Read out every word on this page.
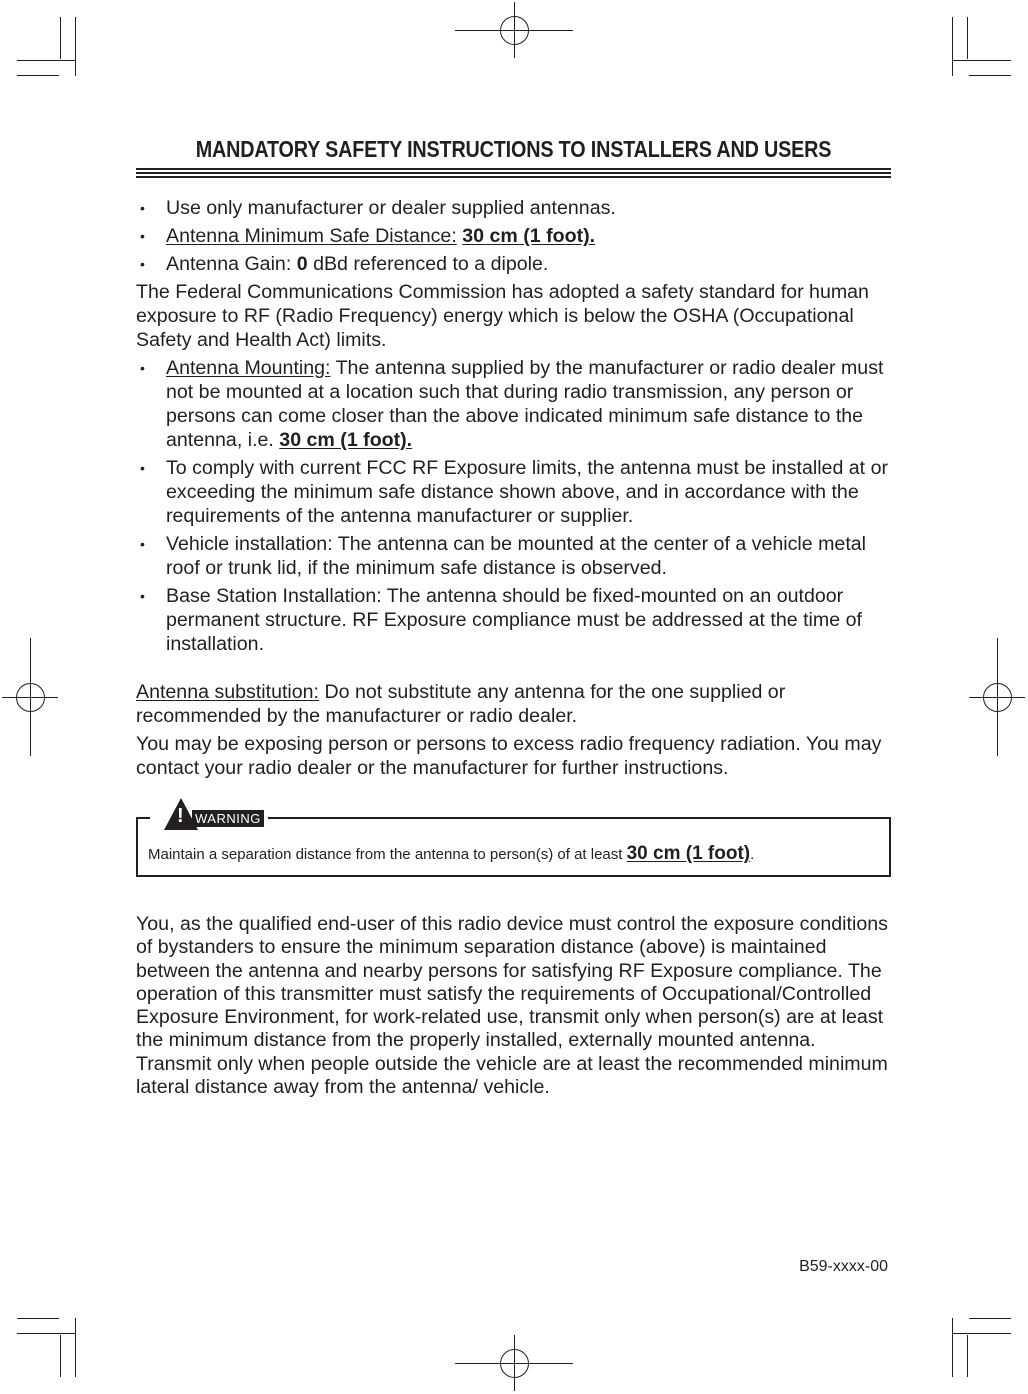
MANDATORY SAFETY INSTRUCTIONS TO INSTALLERS AND USERS
• Use only manufacturer or dealer supplied antennas.
• Antenna Minimum Safe Distance: 30 cm (1 foot).
• Antenna Gain: 0 dBd referenced to a dipole.

The Federal Communications Commission has adopted a safety standard for human exposure to RF (Radio Frequency) energy which is below the OSHA (Occupational Safety and Health Act) limits.

• Antenna Mounting: The antenna supplied by the manufacturer or radio dealer must not be mounted at a location such that during radio transmission, any person or persons can come closer than the above indicated minimum safe distance to the antenna, i.e. 30 cm (1 foot).
• To comply with current FCC RF Exposure limits, the antenna must be installed at or exceeding the minimum safe distance shown above, and in accordance with the requirements of the antenna manufacturer or supplier.
• Vehicle installation: The antenna can be mounted at the center of a vehicle metal roof or trunk lid, if the minimum safe distance is observed.
• Base Station Installation: The antenna should be fixed-mounted on an outdoor permanent structure. RF Exposure compliance must be addressed at the time of installation.

Antenna substitution: Do not substitute any antenna for the one supplied or recommended by the manufacturer or radio dealer.

You may be exposing person or persons to excess radio frequency radiation. You may contact your radio dealer or the manufacturer for further instructions.

! WARNING
Maintain a separation distance from the antenna to person(s) of at least 30 cm (1 foot).

You, as the qualified end-user of this radio device must control the exposure conditions of bystanders to ensure the minimum separation distance (above) is maintained between the antenna and nearby persons for satisfying RF Exposure compliance. The operation of this transmitter must satisfy the requirements of Occupational/Controlled Exposure Environment, for work-related use, transmit only when person(s) are at least the minimum distance from the properly installed, externally mounted antenna. Transmit only when people outside the vehicle are at least the recommended minimum lateral distance away from the antenna/ vehicle.

B59-xxxx-00
